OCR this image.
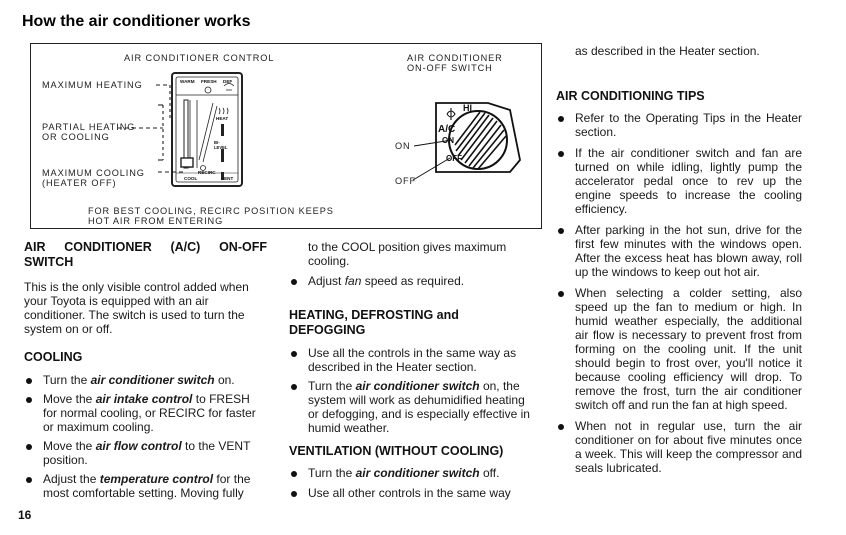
How the air conditioner works
AIR CONDITIONER CONTROL	AIR CONDITIONER
ON-OFF SWITCH
MAXIMUM HEATING
PARTIAL HEATING
OR COOLING
MAXIMUM COOLING
(HEATER OFF)
ON
OFF
FOR BEST COOLING, RECIRC POSITION KEEPS
HOT AIR FROM ENTERING
WARM FRESH DEF
HEAT
BI-LEVEL
COOL
RECIRC
VENT
HI
A/C
ON
OFF
AIR CONDITIONER (A/C) ON-OFF SWITCH

This is the only visible control added when your Toyota is equipped with an air conditioner. The switch is used to turn the system on or off.

COOLING
Turn the air conditioner switch on.
Move the air intake control to FRESH for normal cooling, or RECIRC for faster or maximum cooling.
Move the air flow control to the VENT position.
Adjust the temperature control for the most comfortable setting. Moving fully

to the COOL position gives maximum cooling.

Adjust fan speed as required.
HEATING, DEFROSTING and DEFOGGING
Use all the controls in the same way as described in the Heater section.
Turn the air conditioner switch on, the system will work as dehumidified heating or defogging, and is especially effective in humid weather.
VENTILATION (WITHOUT COOLING)
Turn the air conditioner switch off.
Use all other controls in the same way

as described in the Heater section.

AIR CONDITIONING TIPS
Refer to the Operating Tips in the Heater section.
If the air conditioner switch and fan are turned on while idling, lightly pump the accelerator pedal once to rev up the engine speeds to increase the cooling efficiency.
After parking in the hot sun, drive for the first few minutes with the windows open. After the excess heat has blown away, roll up the windows to keep out hot air.
When selecting a colder setting, also speed up the fan to medium or high. In humid weather especially, the additional air flow is necessary to prevent frost from forming on the cooling unit. If the unit should begin to frost over, you'll notice it because cooling efficiency will drop. To remove the frost, turn the air conditioner switch off and run the fan at high speed.
When not in regular use, turn the air conditioner on for about five minutes once a week. This will keep the compressor and seals lubricated.
16
